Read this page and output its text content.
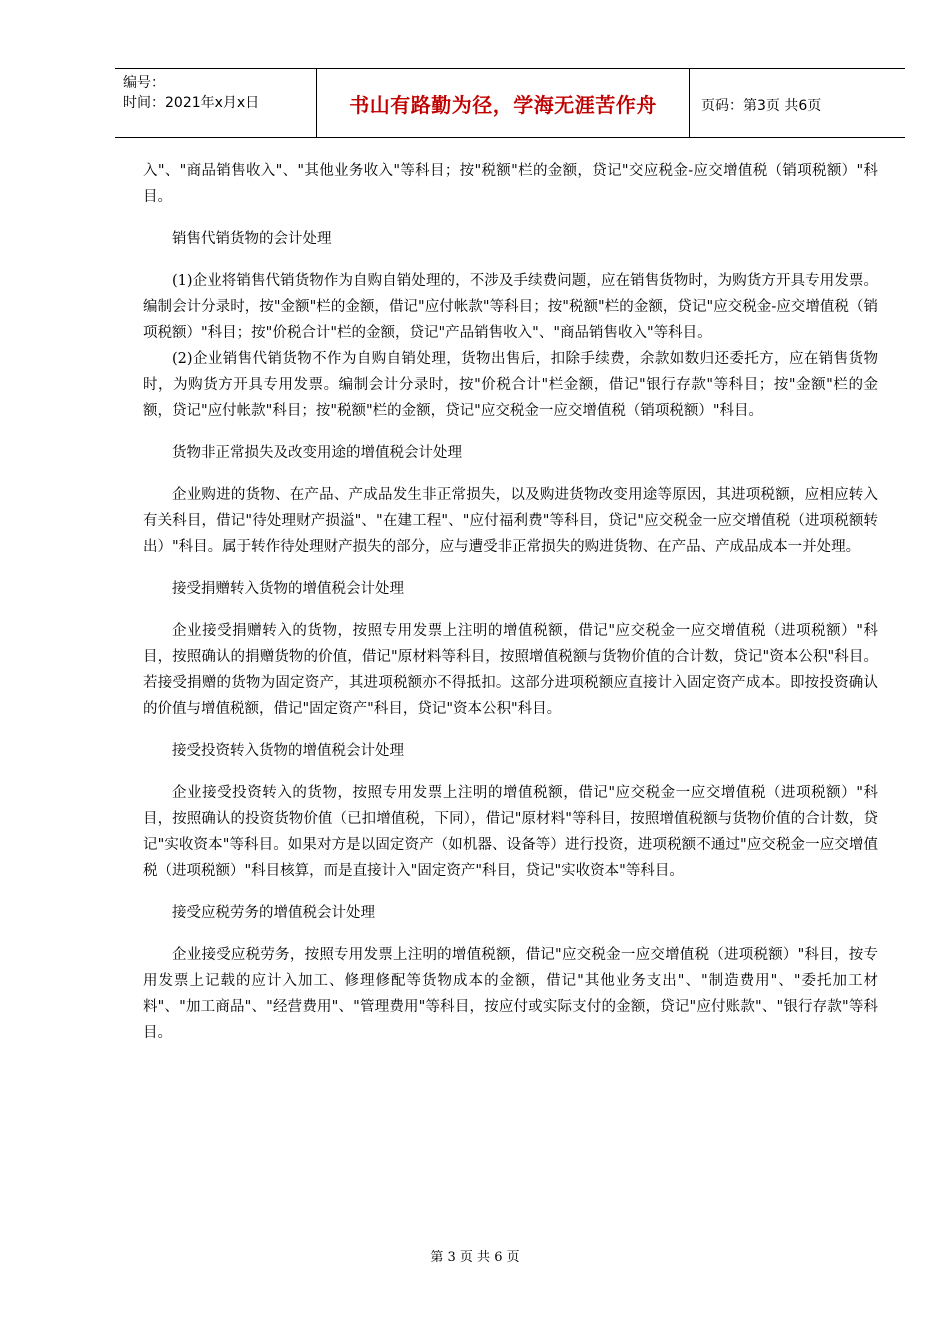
编号：
时间：2021年x月x日	书山有路勤为径，学海无涯苦作舟	页码：第3页 共6页

入"、"商品销售收入"、"其他业务收入"等科目；按"税额"栏的金额，贷记"交应税金-应交增值税（销项税额）"科目。

销售代销货物的会计处理

(1)企业将销售代销货物作为自购自销处理的，不涉及手续费问题，应在销售货物时，为购货方开具专用发票。编制会计分录时，按"金额"栏的金额，借记"应付帐款"等科目；按"税额"栏的金额，贷记"应交税金-应交增值税（销项税额）"科目；按"价税合计"栏的金额，贷记"产品销售收入"、"商品销售收入"等科目。

(2)企业销售代销货物不作为自购自销处理，货物出售后，扣除手续费，余款如数归还委托方，应在销售货物时，为购货方开具专用发票。编制会计分录时，按"价税合计"栏金额，借记"银行存款"等科目；按"金额"栏的金额，贷记"应付帐款"科目；按"税额"栏的金额，贷记"应交税金一应交增值税（销项税额）"科目。

货物非正常损失及改变用途的增值税会计处理

企业购进的货物、在产品、产成品发生非正常损失，以及购进货物改变用途等原因，其进项税额，应相应转入有关科目，借记"待处理财产损溢"、"在建工程"、"应付福利费"等科目，贷记"应交税金一应交增值税（进项税额转出）"科目。属于转作待处理财产损失的部分，应与遭受非正常损失的购进货物、在产品、产成品成本一并处理。

接受捐赠转入货物的增值税会计处理

企业接受捐赠转入的货物，按照专用发票上注明的增值税额，借记"应交税金一应交增值税（进项税额）"科目，按照确认的捐赠货物的价值，借记"原材料等科目，按照增值税额与货物价值的合计数，贷记"资本公积"科目。若接受捐赠的货物为固定资产，其进项税额亦不得抵扣。这部分进项税额应直接计入固定资产成本。即按投资确认的价值与增值税额，借记"固定资产"科目，贷记"资本公积"科目。

接受投资转入货物的增值税会计处理

企业接受投资转入的货物，按照专用发票上注明的增值税额，借记"应交税金一应交增值税（进项税额）"科目，按照确认的投资货物价值（已扣增值税，下同），借记"原材料"等科目，按照增值税额与货物价值的合计数，贷记"实收资本"等科目。如果对方是以固定资产（如机器、设备等）进行投资，进项税额不通过"应交税金一应交增值税（进项税额）"科目核算，而是直接计入"固定资产"科目，贷记"实收资本"等科目。

接受应税劳务的增值税会计处理

企业接受应税劳务，按照专用发票上注明的增值税额，借记"应交税金一应交增值税（进项税额）"科目，按专用发票上记载的应计入加工、修理修配等货物成本的金额，借记"其他业务支出"、"制造费用"、"委托加工材料"、"加工商品"、"经营费用"、"管理费用"等科目，按应付或实际支付的金额，贷记"应付账款"、"银行存款"等科目。

第 3 页 共 6 页
